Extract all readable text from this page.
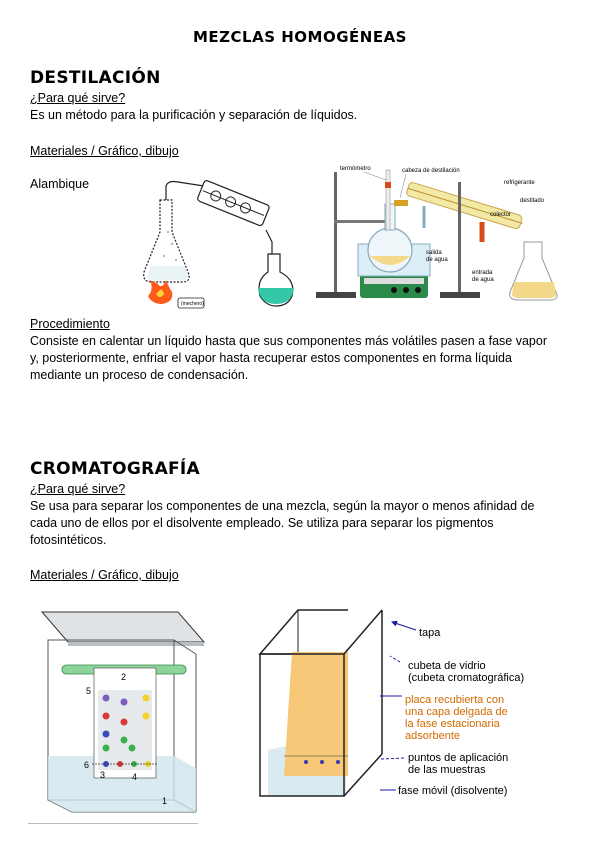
MEZCLAS HOMOGÉNEAS
DESTILACIÓN
¿Para qué sirve?
Es un método para la purificación y separación de líquidos.
Materiales / Gráfico, dibujo
Alambique
(mechero)
termómetro	cabeza de destilación
refrigerante
destilado
colector
salida
de agua
entrada
de agua
Procedimiento
Consiste en calentar un líquido hasta que sus componentes más volátiles pasen a fase vapor
y, posteriormente, enfriar el vapor hasta recuperar estos componentes en forma líquida
mediante un proceso de condensación.
CROMATOGRAFÍA
¿Para qué sirve?
Se usa para separar los componentes de una mezcla, según la mayor o menos afinidad de
cada uno de ellos por el disolvente empleado. Se utiliza para separar los pigmentos
fotosintéticos.
Materiales / Gráfico, dibujo
2
5
6
3	4
1
tapa
cubeta de vidrio
(cubeta cromatográfica)
placa recubierta con
una capa delgada de
la fase estacionaria
adsorbente
puntos de aplicación
de las muestras
fase móvil (disolvente)
